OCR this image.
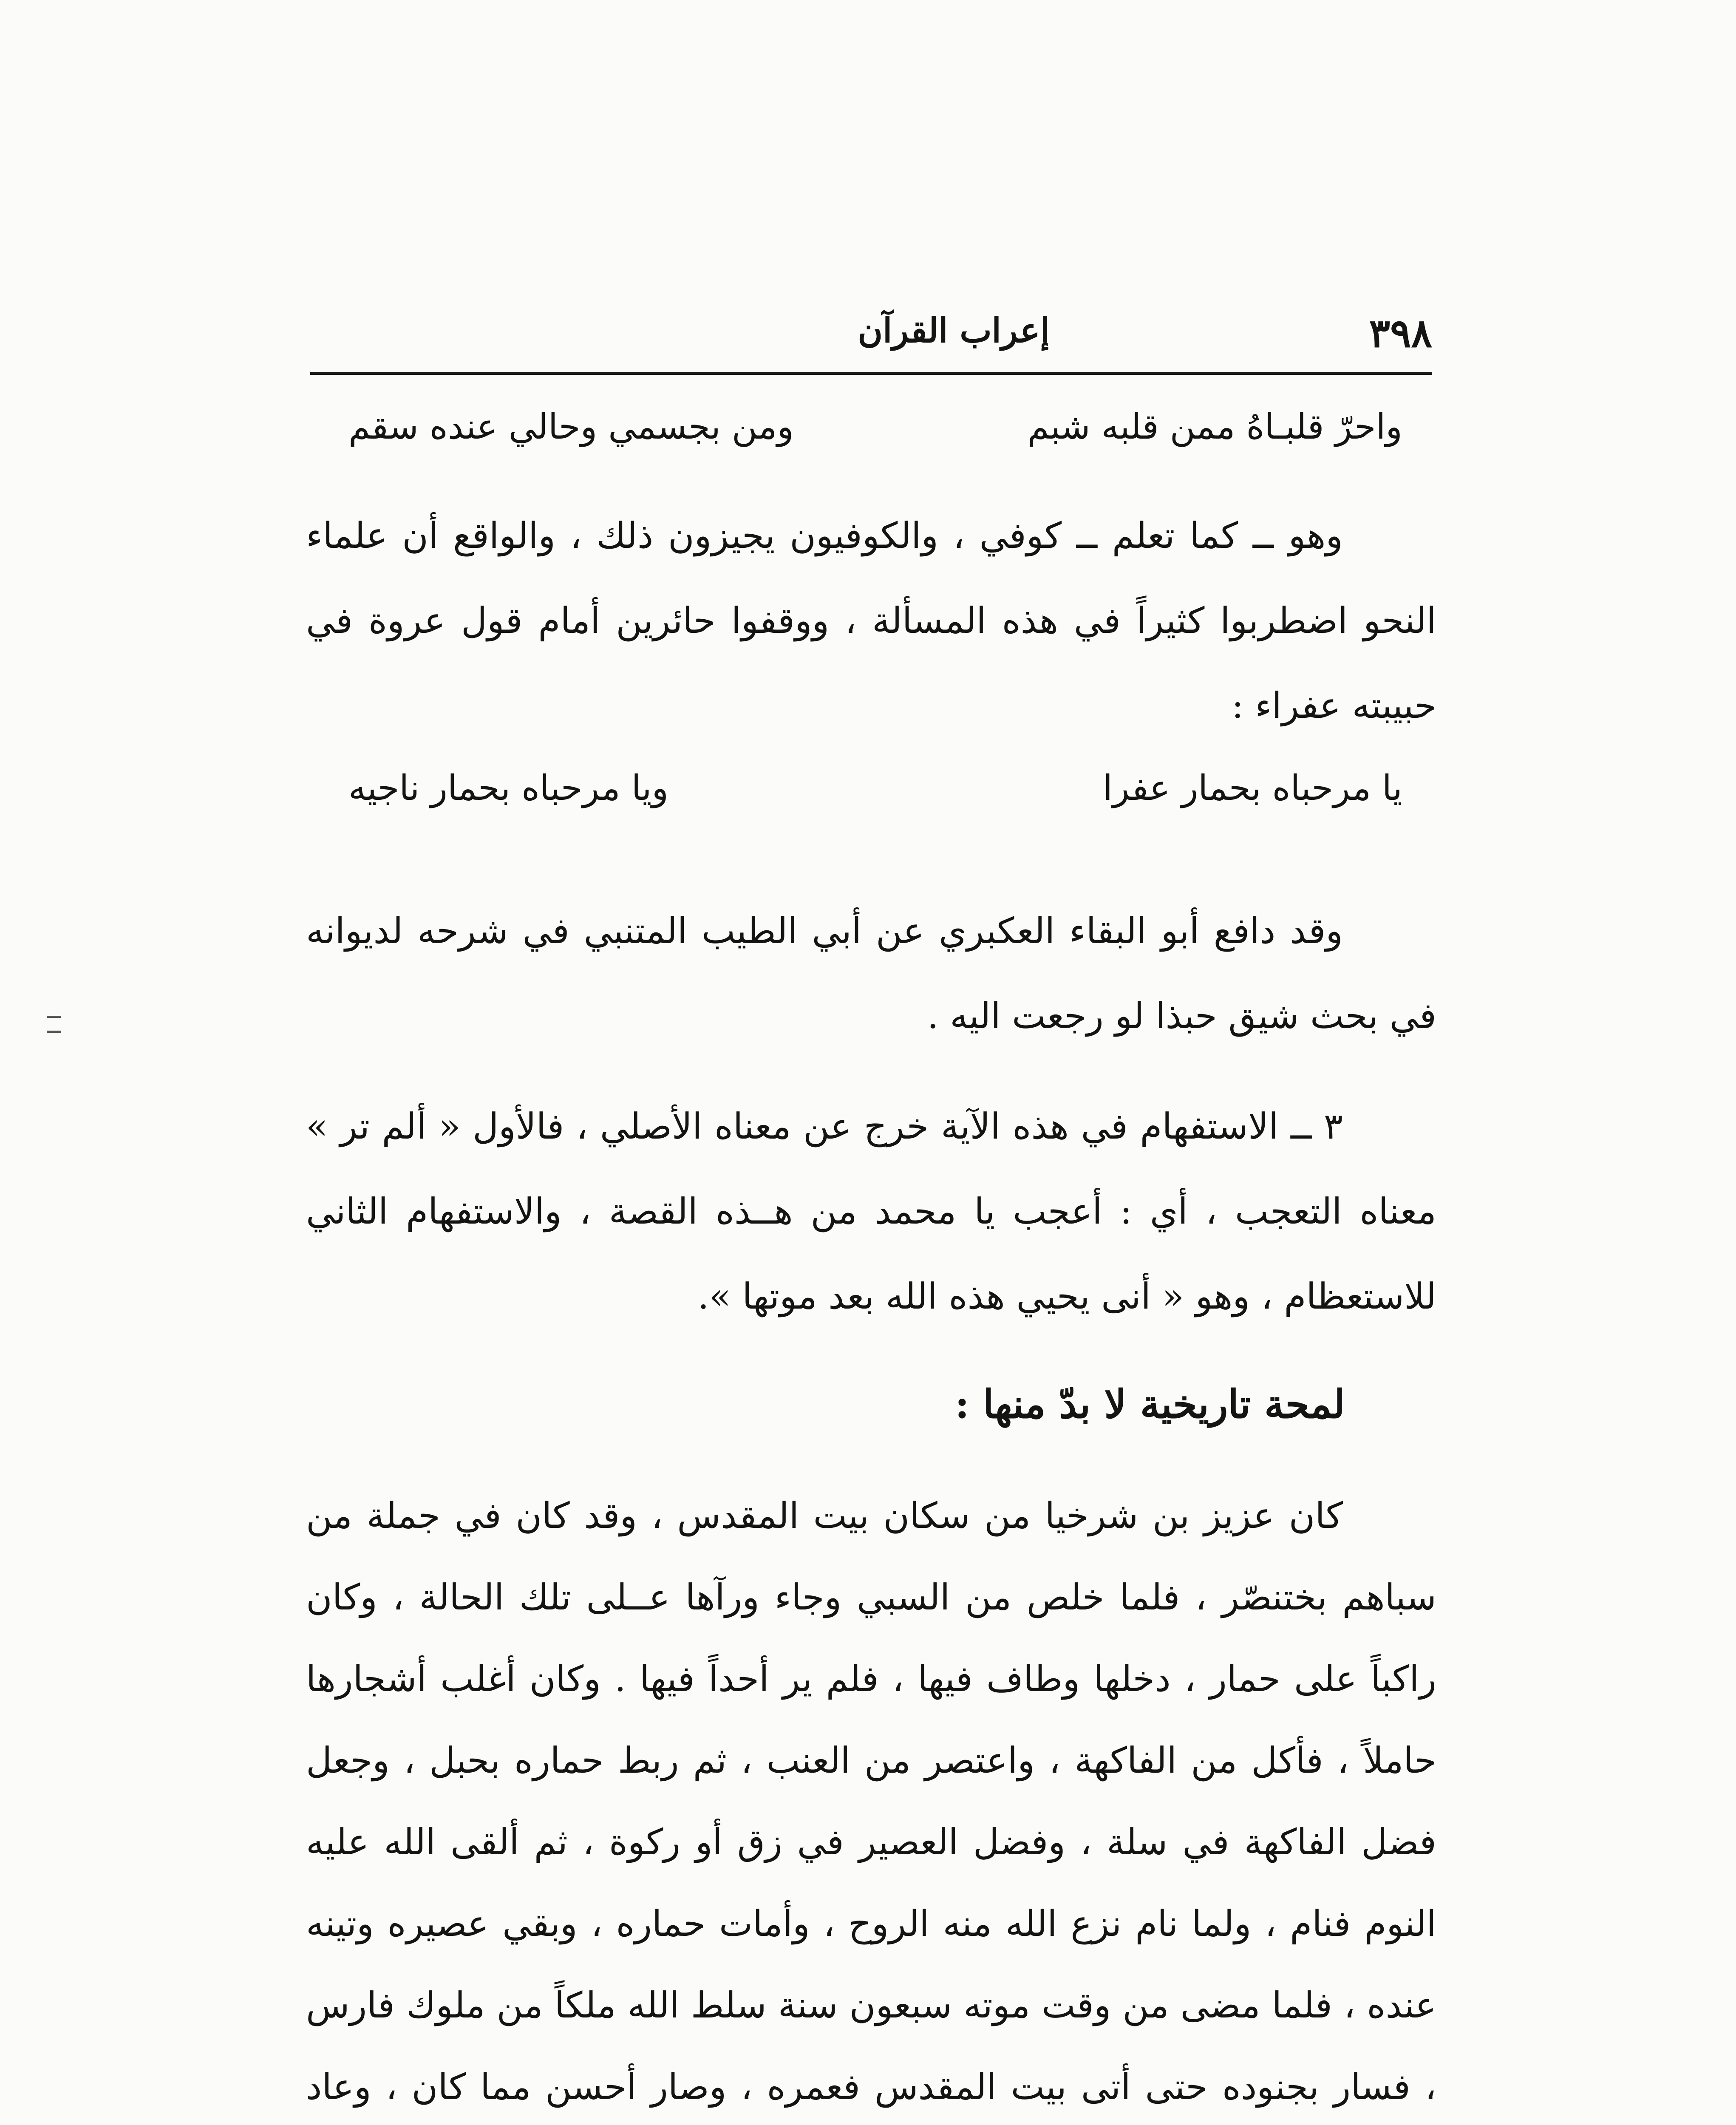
٣٩٨
إعراب القرآن
واحرّ قلبـاهُ ممن قلبه شبم
ومن بجسمي وحالي عنده سقم

وهو ــ كما تعلم ــ كوفي ، والكوفيون يجيزون ذلك ، والواقع أن علماء النحو اضطربوا كثيراً في هذه المسألة ، ووقفوا حائرين أمام قول عروة في حبيبته عفراء :

يا مرحباه بحمار عفرا
ويا مرحباه بحمار ناجيه

وقد دافع أبو البقاء العكبري عن أبي الطيب المتنبي في شرحه لديوانه في بحث شيق حبذا لو رجعت اليه .

٣ ــ الاستفهام في هذه الآية خرج عن معناه الأصلي ، فالأول « ألم تر » معناه التعجب ، أي : أعجب يا محمد من هــذه القصة ، والاستفهام الثاني للاستعظام ، وهو « أنى يحيي هذه الله بعد موتها ».

لمحة تاريخية لا بدّ منها :

كان عزيز بن شرخيا من سكان بيت المقدس ، وقد كان في جملة من سباهم بختنصّر ، فلما خلص من السبي وجاء ورآها عــلى تلك الحالة ، وكان راكباً على حمار ، دخلها وطاف فيها ، فلم ير أحداً فيها . وكان أغلب أشجارها حاملاً ، فأكل من الفاكهة ، واعتصر من العنب ، ثم ربط حماره بحبل ، وجعل فضل الفاكهة في سلة ، وفضل العصير في زق أو ركوة ، ثم ألقى الله عليه النوم فنام ، ولما نام نزع الله منه الروح ، وأمات حماره ، وبقي عصيره وتينه عنده ، فلما مضى من وقت موته سبعون سنة سلط الله ملكاً من ملوك فارس ، فسار بجنوده حتى أتى بيت المقدس فعمره ، وصار أحسن مما كان ، وعاد
